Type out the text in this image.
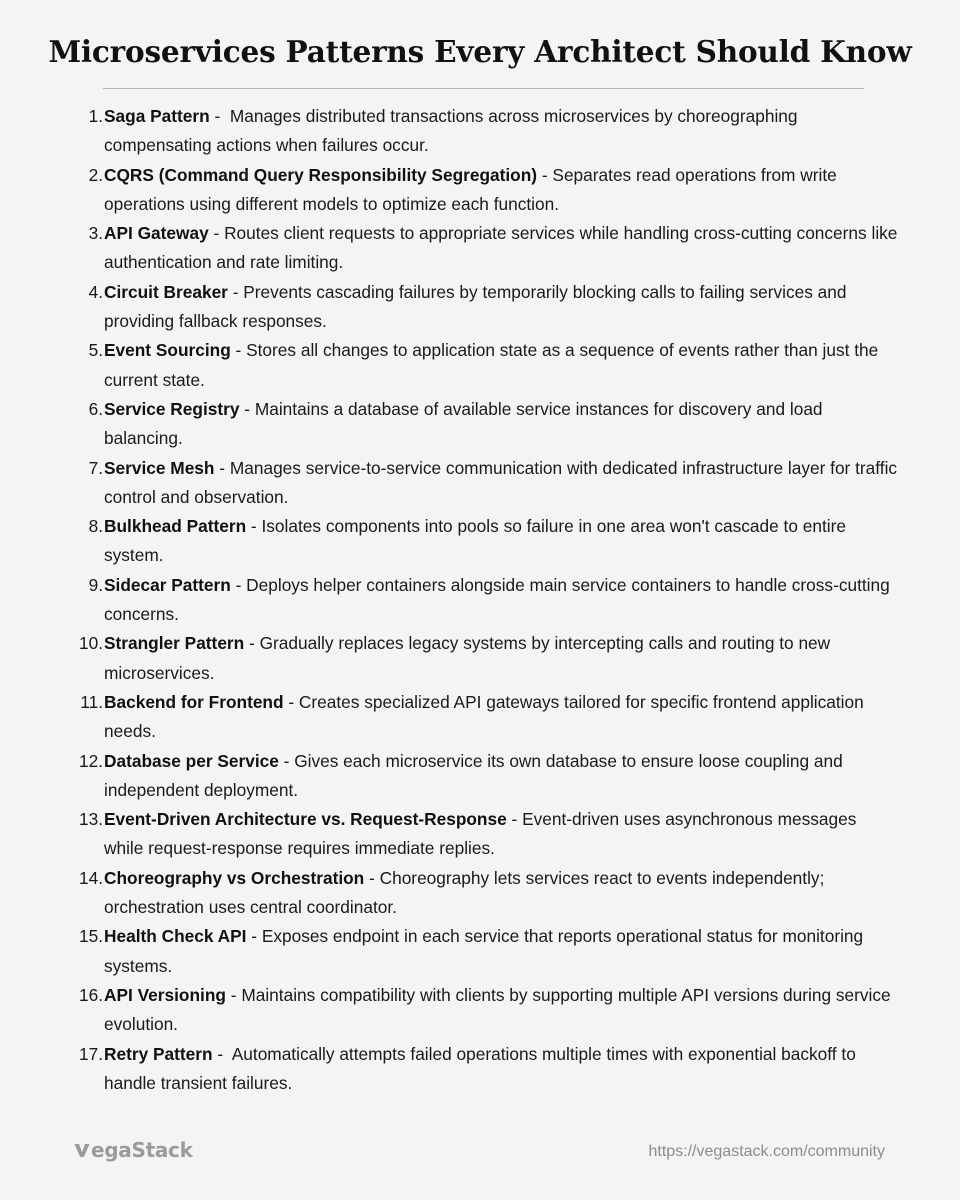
Microservices Patterns Every Architect Should Know
1. Saga Pattern -  Manages distributed transactions across microservices by choreographing compensating actions when failures occur.
2. CQRS (Command Query Responsibility Segregation) - Separates read operations from write operations using different models to optimize each function.
3. API Gateway - Routes client requests to appropriate services while handling cross-cutting concerns like authentication and rate limiting.
4. Circuit Breaker - Prevents cascading failures by temporarily blocking calls to failing services and providing fallback responses.
5. Event Sourcing - Stores all changes to application state as a sequence of events rather than just the current state.
6. Service Registry - Maintains a database of available service instances for discovery and load balancing.
7. Service Mesh - Manages service-to-service communication with dedicated infrastructure layer for traffic control and observation.
8. Bulkhead Pattern - Isolates components into pools so failure in one area won't cascade to entire system.
9. Sidecar Pattern - Deploys helper containers alongside main service containers to handle cross-cutting concerns.
10. Strangler Pattern - Gradually replaces legacy systems by intercepting calls and routing to new microservices.
11. Backend for Frontend - Creates specialized API gateways tailored for specific frontend application needs.
12. Database per Service - Gives each microservice its own database to ensure loose coupling and independent deployment.
13. Event-Driven Architecture vs. Request-Response - Event-driven uses asynchronous messages while request-response requires immediate replies.
14. Choreography vs Orchestration - Choreography lets services react to events independently; orchestration uses central coordinator.
15. Health Check API - Exposes endpoint in each service that reports operational status for monitoring systems.
16. API Versioning - Maintains compatibility with clients by supporting multiple API versions during service evolution.
17. Retry Pattern -  Automatically attempts failed operations multiple times with exponential backoff to handle transient failures.
egaStack	https://vegastack.com/community
